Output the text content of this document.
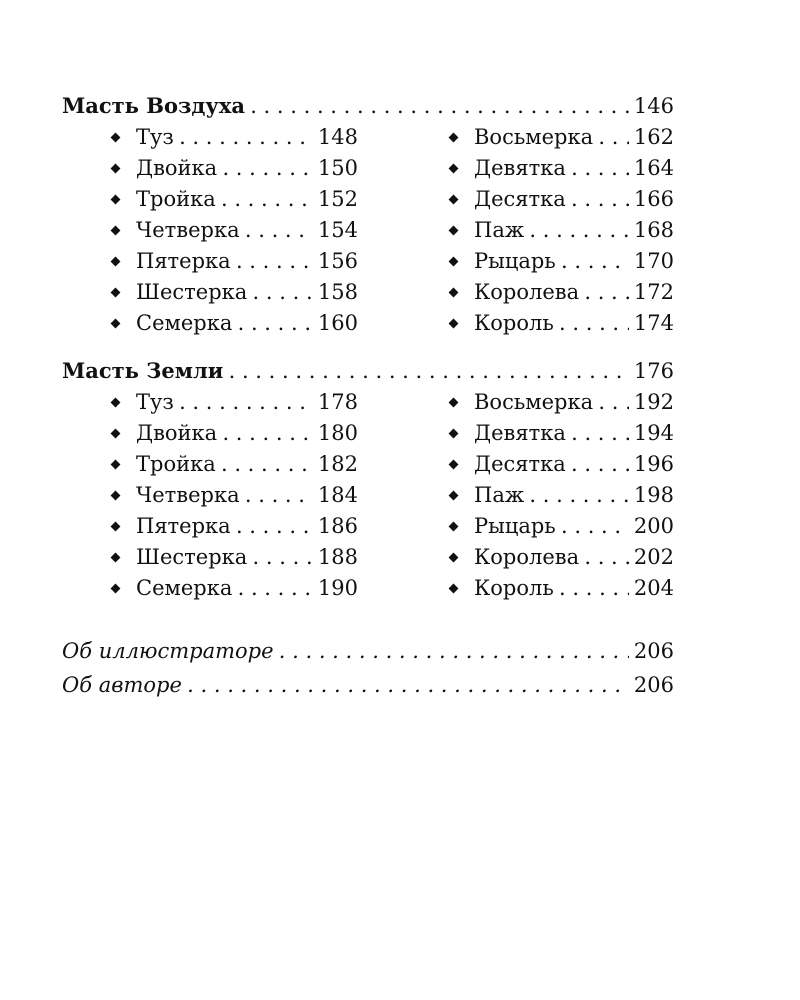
Масть Воздуха . . .	146
Туз . . .	148
Двойка . . .	150
Тройка . . .	152
Четверка . . .	154
Пятерка . . .	156
Шестерка . . .	158
Семерка . . .	160
Восьмерка . . . 162
Девятка . . .	164
Десятка . . .	166
Паж . . .	168
Рыцарь . . .	170
Королева . . .	172
Король . . .	174
Масть Земли . . .	176
Туз . . .	178
Двойка . . .	180
Тройка . . .	182
Четверка . . .	184
Пятерка . . .	186
Шестерка . . .	188
Семерка . . .	190
Восьмерка . . . 192
Девятка . . .	194
Десятка . . .	196
Паж . . .	198
Рыцарь . . .	200
Королева . . .	202
Король . . .	204
Об иллюстраторе . . .	206
Об авторе . . .	206
